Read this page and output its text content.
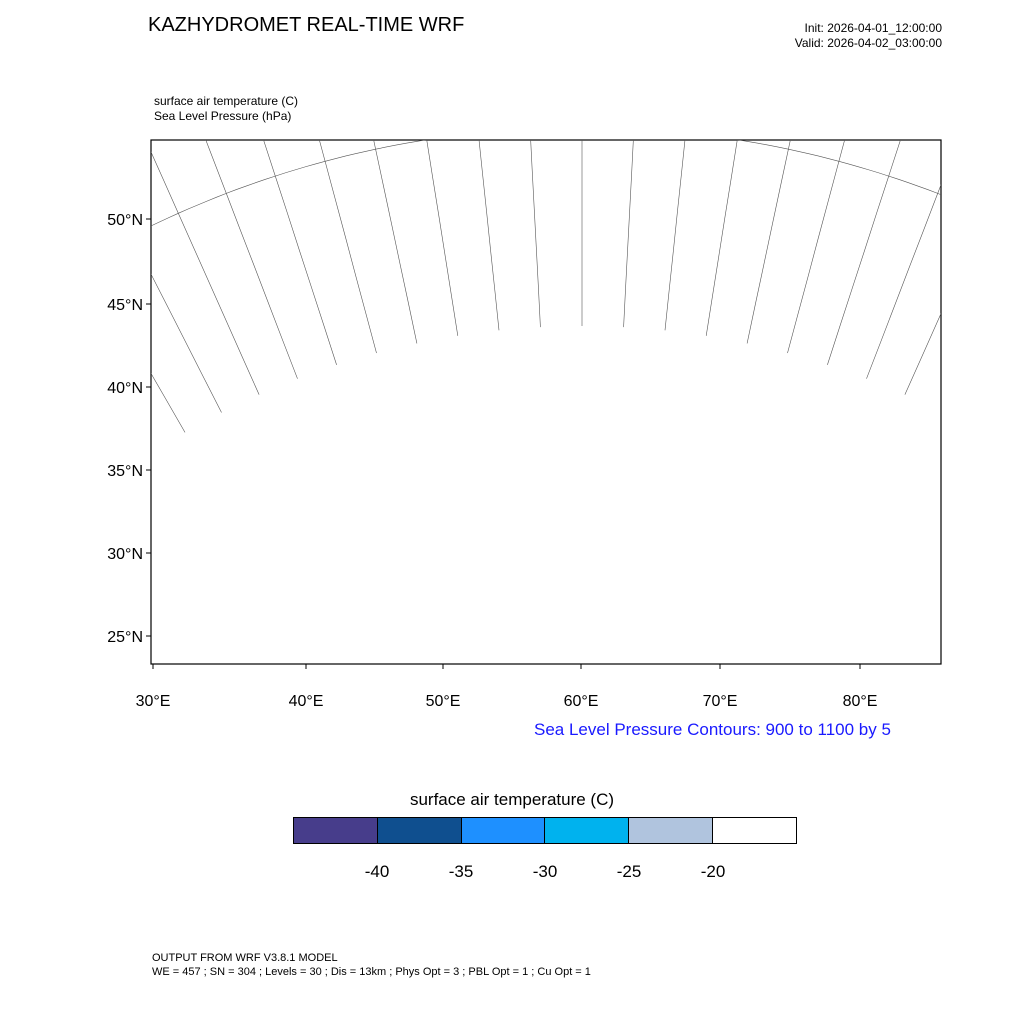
KAZHYDROMET REAL-TIME WRF	Init: 2026-04-01_12:00:00
Valid: 2026-04-02_03:00:00
surface air temperature (C)
Sea Level Pressure (hPa)
50°N
45°N
40°N
35°N
30°N
25°N
30°E	40°E	50°E	60°E	70°E	80°E
Sea Level Pressure Contours: 900 to 1100 by 5
surface air temperature (C)
-40	-35	-30	-25	-20
OUTPUT FROM WRF V3.8.1 MODEL
WE = 457 ; SN = 304 ; Levels = 30 ; Dis = 13km ; Phys Opt = 3 ; PBL Opt = 1 ; Cu Opt = 1
